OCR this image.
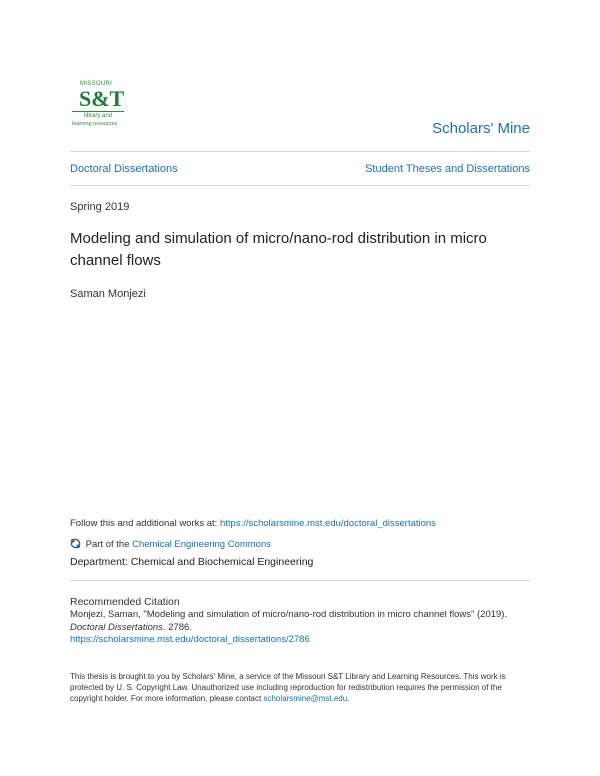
MISSOURI
S&T
library and
learning resources	Scholars' Mine
Doctoral Dissertations	Student Theses and Dissertations
Spring 2019
Modeling and simulation of micro/nano-rod distribution in micro channel flows
Saman Monjezi
Follow this and additional works at: https://scholarsmine.mst.edu/doctoral_dissertations
Part of the Chemical Engineering Commons
Department: Chemical and Biochemical Engineering
Recommended Citation
Monjezi, Saman, "Modeling and simulation of micro/nano-rod distribution in micro channel flows" (2019).
Doctoral Dissertations. 2786.
https://scholarsmine.mst.edu/doctoral_dissertations/2786
This thesis is brought to you by Scholars' Mine, a service of the Missouri S&T Library and Learning Resources. This work is protected by U. S. Copyright Law. Unauthorized use including reproduction for redistribution requires the permission of the copyright holder. For more information, please contact scholarsmine@mst.edu.
